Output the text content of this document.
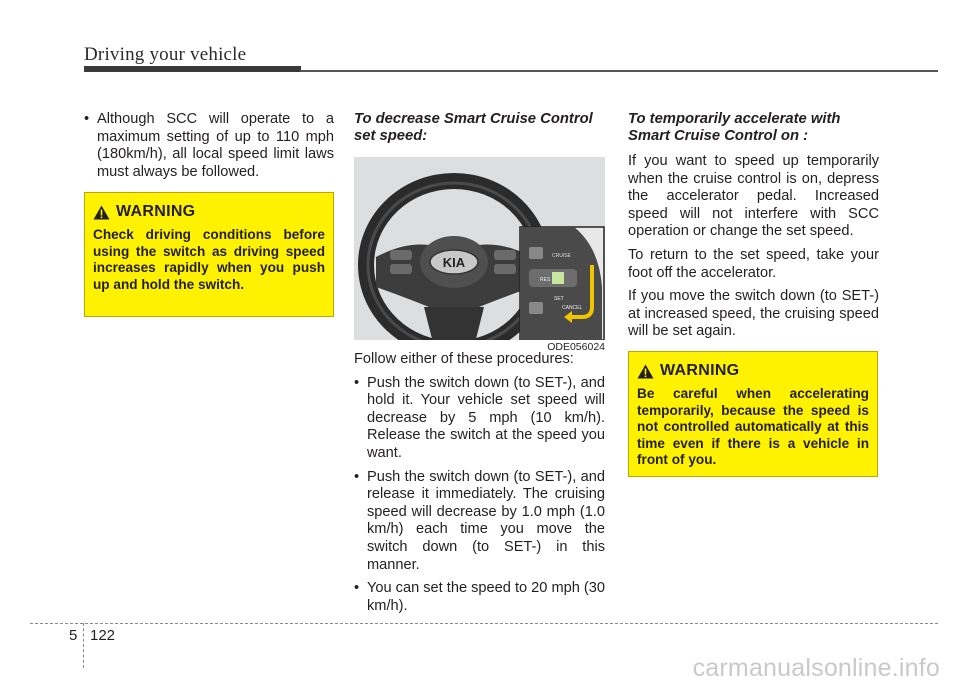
Driving your vehicle
• Although SCC will operate to a maximum setting of up to 110 mph (180km/h), all local speed limit laws must always be followed.
WARNING
Check driving conditions before using the switch as driving speed increases rapidly when you push up and hold the switch.
To decrease Smart Cruise Control set speed:

Follow either of these procedures:

• Push the switch down (to SET-), and hold it. Your vehicle set speed will decrease by 5 mph (10 km/h). Release the switch at the speed you want.
• Push the switch down (to SET-), and release it immediately. The cruising speed will decrease by 1.0 mph (1.0 km/h) each time you move the switch down (to SET-) in this manner.
• You can set the speed to 20 mph (30 km/h).
KIA	CRUISE
RES
SET
CANCEL
ODE056024
To temporarily accelerate with Smart Cruise Control on :

If you want to speed up temporarily when the cruise control is on, depress the accelerator pedal. Increased speed will not interfere with SCC operation or change the set speed.

To return to the set speed, take your foot off the accelerator.

If you move the switch down (to SET-) at increased speed, the cruising speed will be set again.

WARNING
Be careful when accelerating temporarily, because the speed is not controlled automatically at this time even if there is a vehicle in front of you.
5 122
carmanualsonline.info
